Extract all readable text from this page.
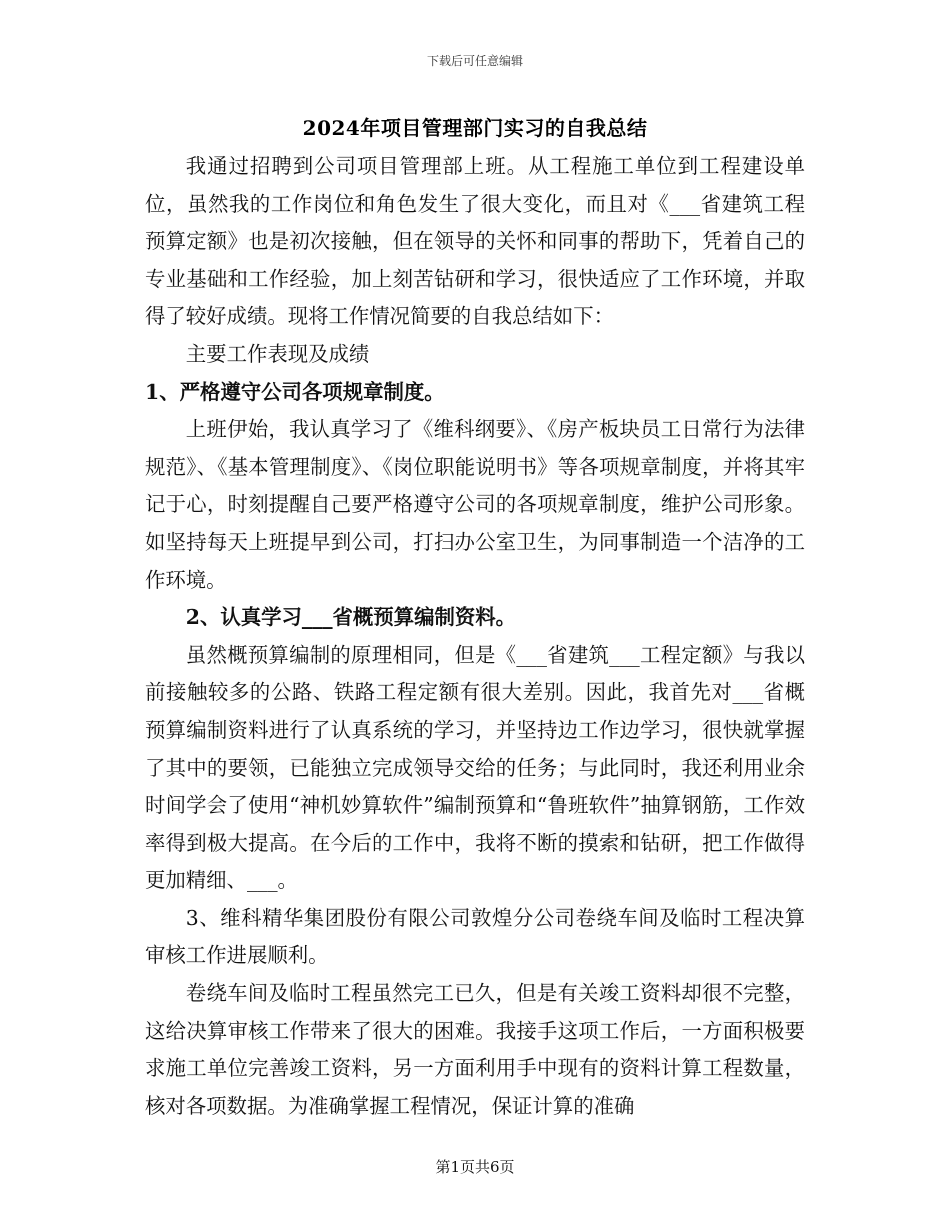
下载后可任意编辑
2024年项目管理部门实习的自我总结

我通过招聘到公司项目管理部上班。从工程施工单位到工程建设单位，虽然我的工作岗位和角色发生了很大变化，而且对《___省建筑工程预算定额》也是初次接触，但在领导的关怀和同事的帮助下，凭着自己的专业基础和工作经验，加上刻苦钻研和学习，很快适应了工作环境，并取得了较好成绩。现将工作情况简要的自我总结如下：

主要工作表现及成绩

1、严格遵守公司各项规章制度。

上班伊始，我认真学习了《维科纲要》、《房产板块员工日常行为法律规范》、《基本管理制度》、《岗位职能说明书》等各项规章制度，并将其牢记于心，时刻提醒自己要严格遵守公司的各项规章制度，维护公司形象。如坚持每天上班提早到公司，打扫办公室卫生，为同事制造一个洁净的工作环境。

2、认真学习___省概预算编制资料。

虽然概预算编制的原理相同，但是《___省建筑___工程定额》与我以前接触较多的公路、铁路工程定额有很大差别。因此，我首先对___省概预算编制资料进行了认真系统的学习，并坚持边工作边学习，很快就掌握了其中的要领，已能独立完成领导交给的任务；与此同时，我还利用业余时间学会了使用“神机妙算软件”编制预算和“鲁班软件”抽算钢筋，工作效率得到极大提高。在今后的工作中，我将不断的摸索和钻研，把工作做得更加精细、___。

3、维科精华集团股份有限公司敦煌分公司卷绕车间及临时工程决算审核工作进展顺利。

卷绕车间及临时工程虽然完工已久，但是有关竣工资料却很不完整，这给决算审核工作带来了很大的困难。我接手这项工作后，一方面积极要求施工单位完善竣工资料，另一方面利用手中现有的资料计算工程数量，核对各项数据。为准确掌握工程情况，保证计算的准确

第1页共6页
